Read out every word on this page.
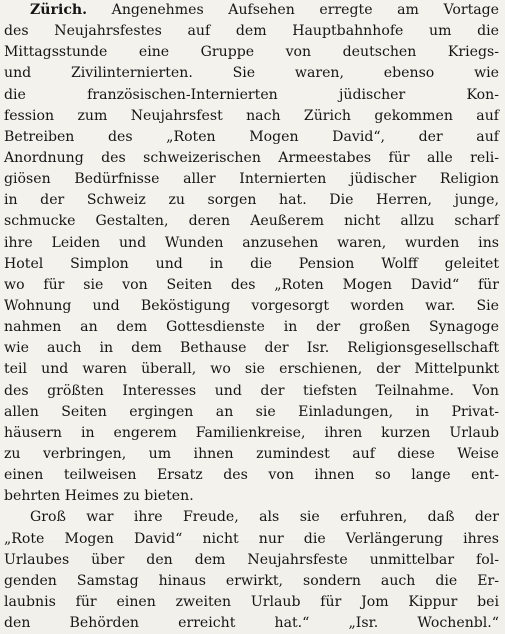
Zürich. Angenehmes Aufsehen erregte am Vortage
des Neujahrsfestes auf dem Hauptbahnhofe um die
Mittagsstunde eine Gruppe von deutschen Kriegs-
und Zivilinternierten. Sie waren, ebenso wie
die französischen-Internierten jüdischer Kon-
fession zum Neujahrsfest nach Zürich gekommen auf
Betreiben des „Roten Mogen David“, der auf
Anordnung des schweizerischen Armeestabes für alle reli-
giösen Bedürfnisse aller Internierten jüdischer Religion
in der Schweiz zu sorgen hat. Die Herren, junge,
schmucke Gestalten, deren Aeußerem nicht allzu scharf
ihre Leiden und Wunden anzusehen waren, wurden ins
Hotel Simplon und in die Pension Wolff geleitet
wo für sie von Seiten des „Roten Mogen David“ für
Wohnung und Beköstigung vorgesorgt worden war. Sie
nahmen an dem Gottesdienste in der großen Synagoge
wie auch in dem Bethause der Isr. Religionsgesellschaft
teil und waren überall, wo sie erschienen, der Mittelpunkt
des größten Interesses und der tiefsten Teilnahme. Von
allen Seiten ergingen an sie Einladungen, in Privat-
häusern in engerem Familienkreise, ihren kurzen Urlaub
zu verbringen, um ihnen zumindest auf diese Weise
einen teilweisen Ersatz des von ihnen so lange ent-
behrten Heimes zu bieten.
Groß war ihre Freude, als sie erfuhren, daß der
„Rote Mogen David“ nicht nur die Verlängerung ihres
Urlaubes über den dem Neujahrsfeste unmittelbar fol-
genden Samstag hinaus erwirkt, sondern auch die Er-
laubnis für einen zweiten Urlaub für Jom Kippur bei
den Behörden erreicht hat.“ „Isr. Wochenbl.“
